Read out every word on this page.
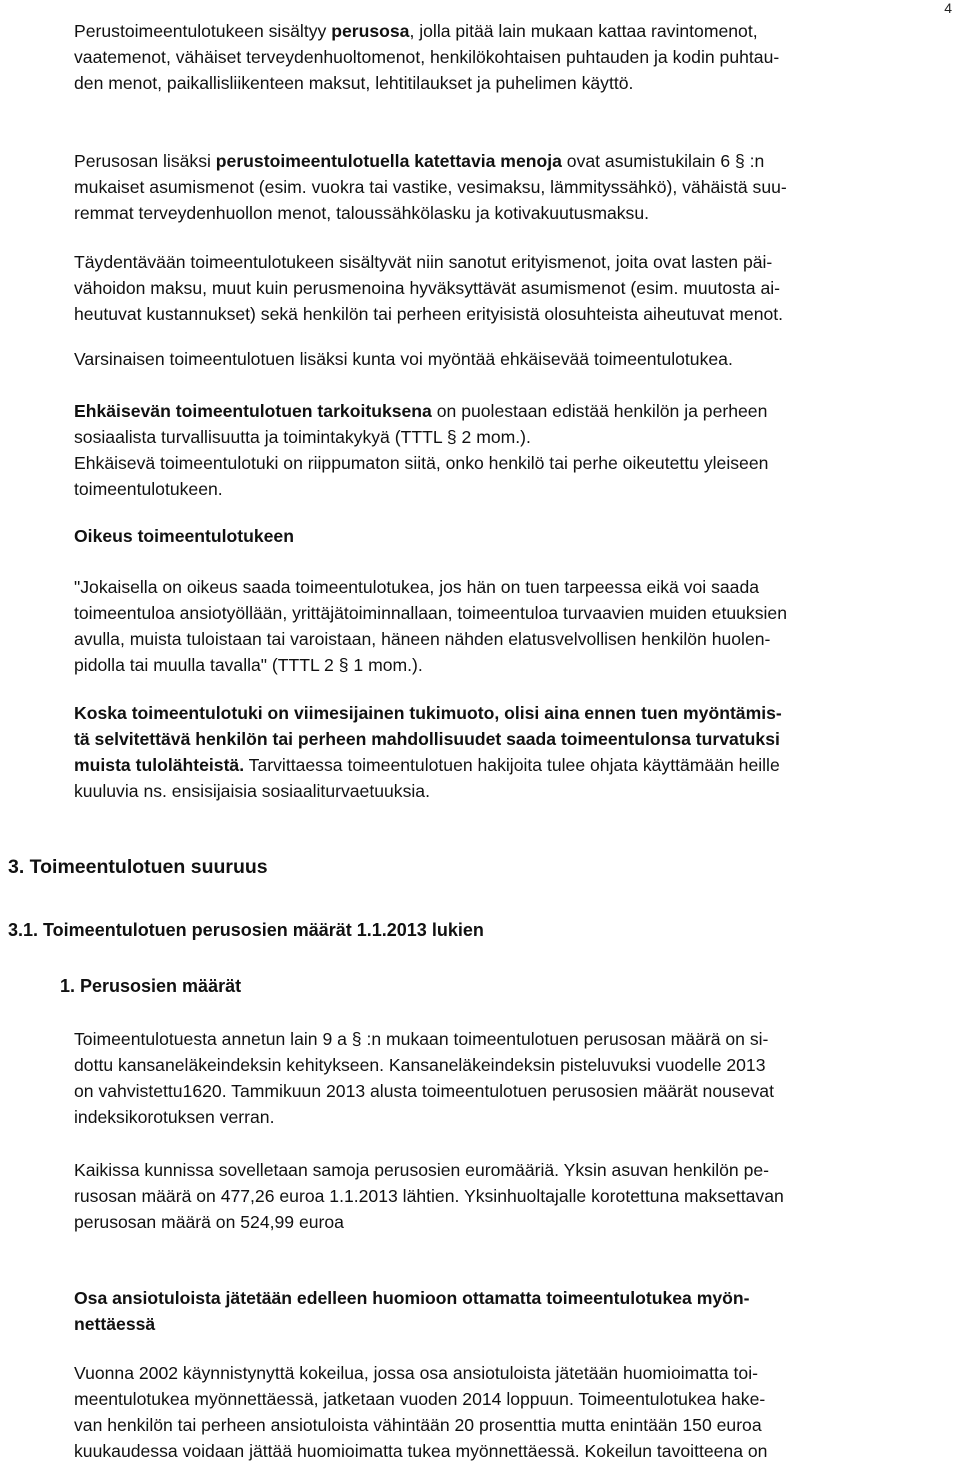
4
Perustoimeentulotukeen sisältyy perusosa, jolla pitää lain mukaan kattaa ravintomenot,
vaatemenot, vähäiset terveydenhuoltomenot, henkilökohtaisen puhtauden ja kodin puhtau-
den menot, paikallisliikenteen maksut, lehtitilaukset ja puhelimen käyttö.
Perusosan lisäksi perustoimeentulotuella katettavia menoja ovat asumistukilain 6 § :n
mukaiset asumismenot (esim. vuokra tai vastike, vesimaksu, lämmityssähkö), vähäistä suu-
remmat terveydenhuollon menot, taloussähkölasku ja kotivakuutusmaksu.
Täydentävään toimeentulotukeen sisältyvät niin sanotut erityismenot, joita ovat lasten päi-
vähoidon maksu, muut kuin perusmenoina hyväksyttävät asumismenot (esim. muutosta ai-
heutuvat kustannukset) sekä henkilön tai perheen erityisistä olosuhteista aiheutuvat menot.
Varsinaisen toimeentulotuen lisäksi kunta voi myöntää ehkäisevää toimeentulotukea.
Ehkäisevän toimeentulotuen tarkoituksena on puolestaan edistää henkilön ja perheen
sosiaalista turvallisuutta ja toimintakykyä (TTTL § 2 mom.).
Ehkäisevä toimeentulotuki on riippumaton siitä, onko henkilö tai perhe oikeutettu yleiseen
toimeentulotukeen.
Oikeus toimeentulotukeen
"Jokaisella on oikeus saada toimeentulotukea, jos hän on tuen tarpeessa eikä voi saada
toimeentuloa ansiotyöllään, yrittäjätoiminnallaan, toimeentuloa turvaavien muiden etuuksien
avulla, muista tuloistaan tai varoistaan, häneen nähden elatusvelvollisen henkilön huolen-
pidolla tai muulla tavalla" (TTTL 2 § 1 mom.).
Koska toimeentulotuki on viimesijainen tukimuoto, olisi aina ennen tuen myöntämis-
tä selvitettävä henkilön tai perheen mahdollisuudet saada toimeentulonsa turvatuksi
muista tulolähteistä. Tarvittaessa toimeentulotuen hakijoita tulee ohjata käyttämään heille
kuuluvia ns. ensisijaisia sosiaaliturvaetuuksia.
3. Toimeentulotuen suuruus
3.1. Toimeentulotuen perusosien määrät 1.1.2013 lukien
1. Perusosien määrät
Toimeentulotuesta annetun lain 9 a § :n mukaan toimeentulotuen perusosan määrä on si-
dottu kansaneläkeindeksin kehitykseen. Kansaneläkeindeksin pisteluvuksi vuodelle 2013
on vahvistettu1620. Tammikuun 2013 alusta toimeentulotuen perusosien määrät nousevat
indeksikorotuksen verran.
Kaikissa kunnissa sovelletaan samoja perusosien euromääriä. Yksin asuvan henkilön pe-
rusosan määrä on 477,26 euroa 1.1.2013 lähtien. Yksinhuoltajalle korotettuna maksettavan
perusosan määrä on 524,99 euroa
Osa ansiotuloista jätetään edelleen huomioon ottamatta toimeentulotukea myön-
nettäessä
Vuonna 2002 käynnistynyttä kokeilua, jossa osa ansiotuloista jätetään huomioimatta toi-
meentulotukea myönnettäessä, jatketaan vuoden 2014 loppuun. Toimeentulotukea hake-
van henkilön tai perheen ansiotuloista vähintään 20 prosenttia mutta enintään 150 euroa
kuukaudessa voidaan jättää huomioimatta tukea myönnettäessä. Kokeilun tavoitteena on
